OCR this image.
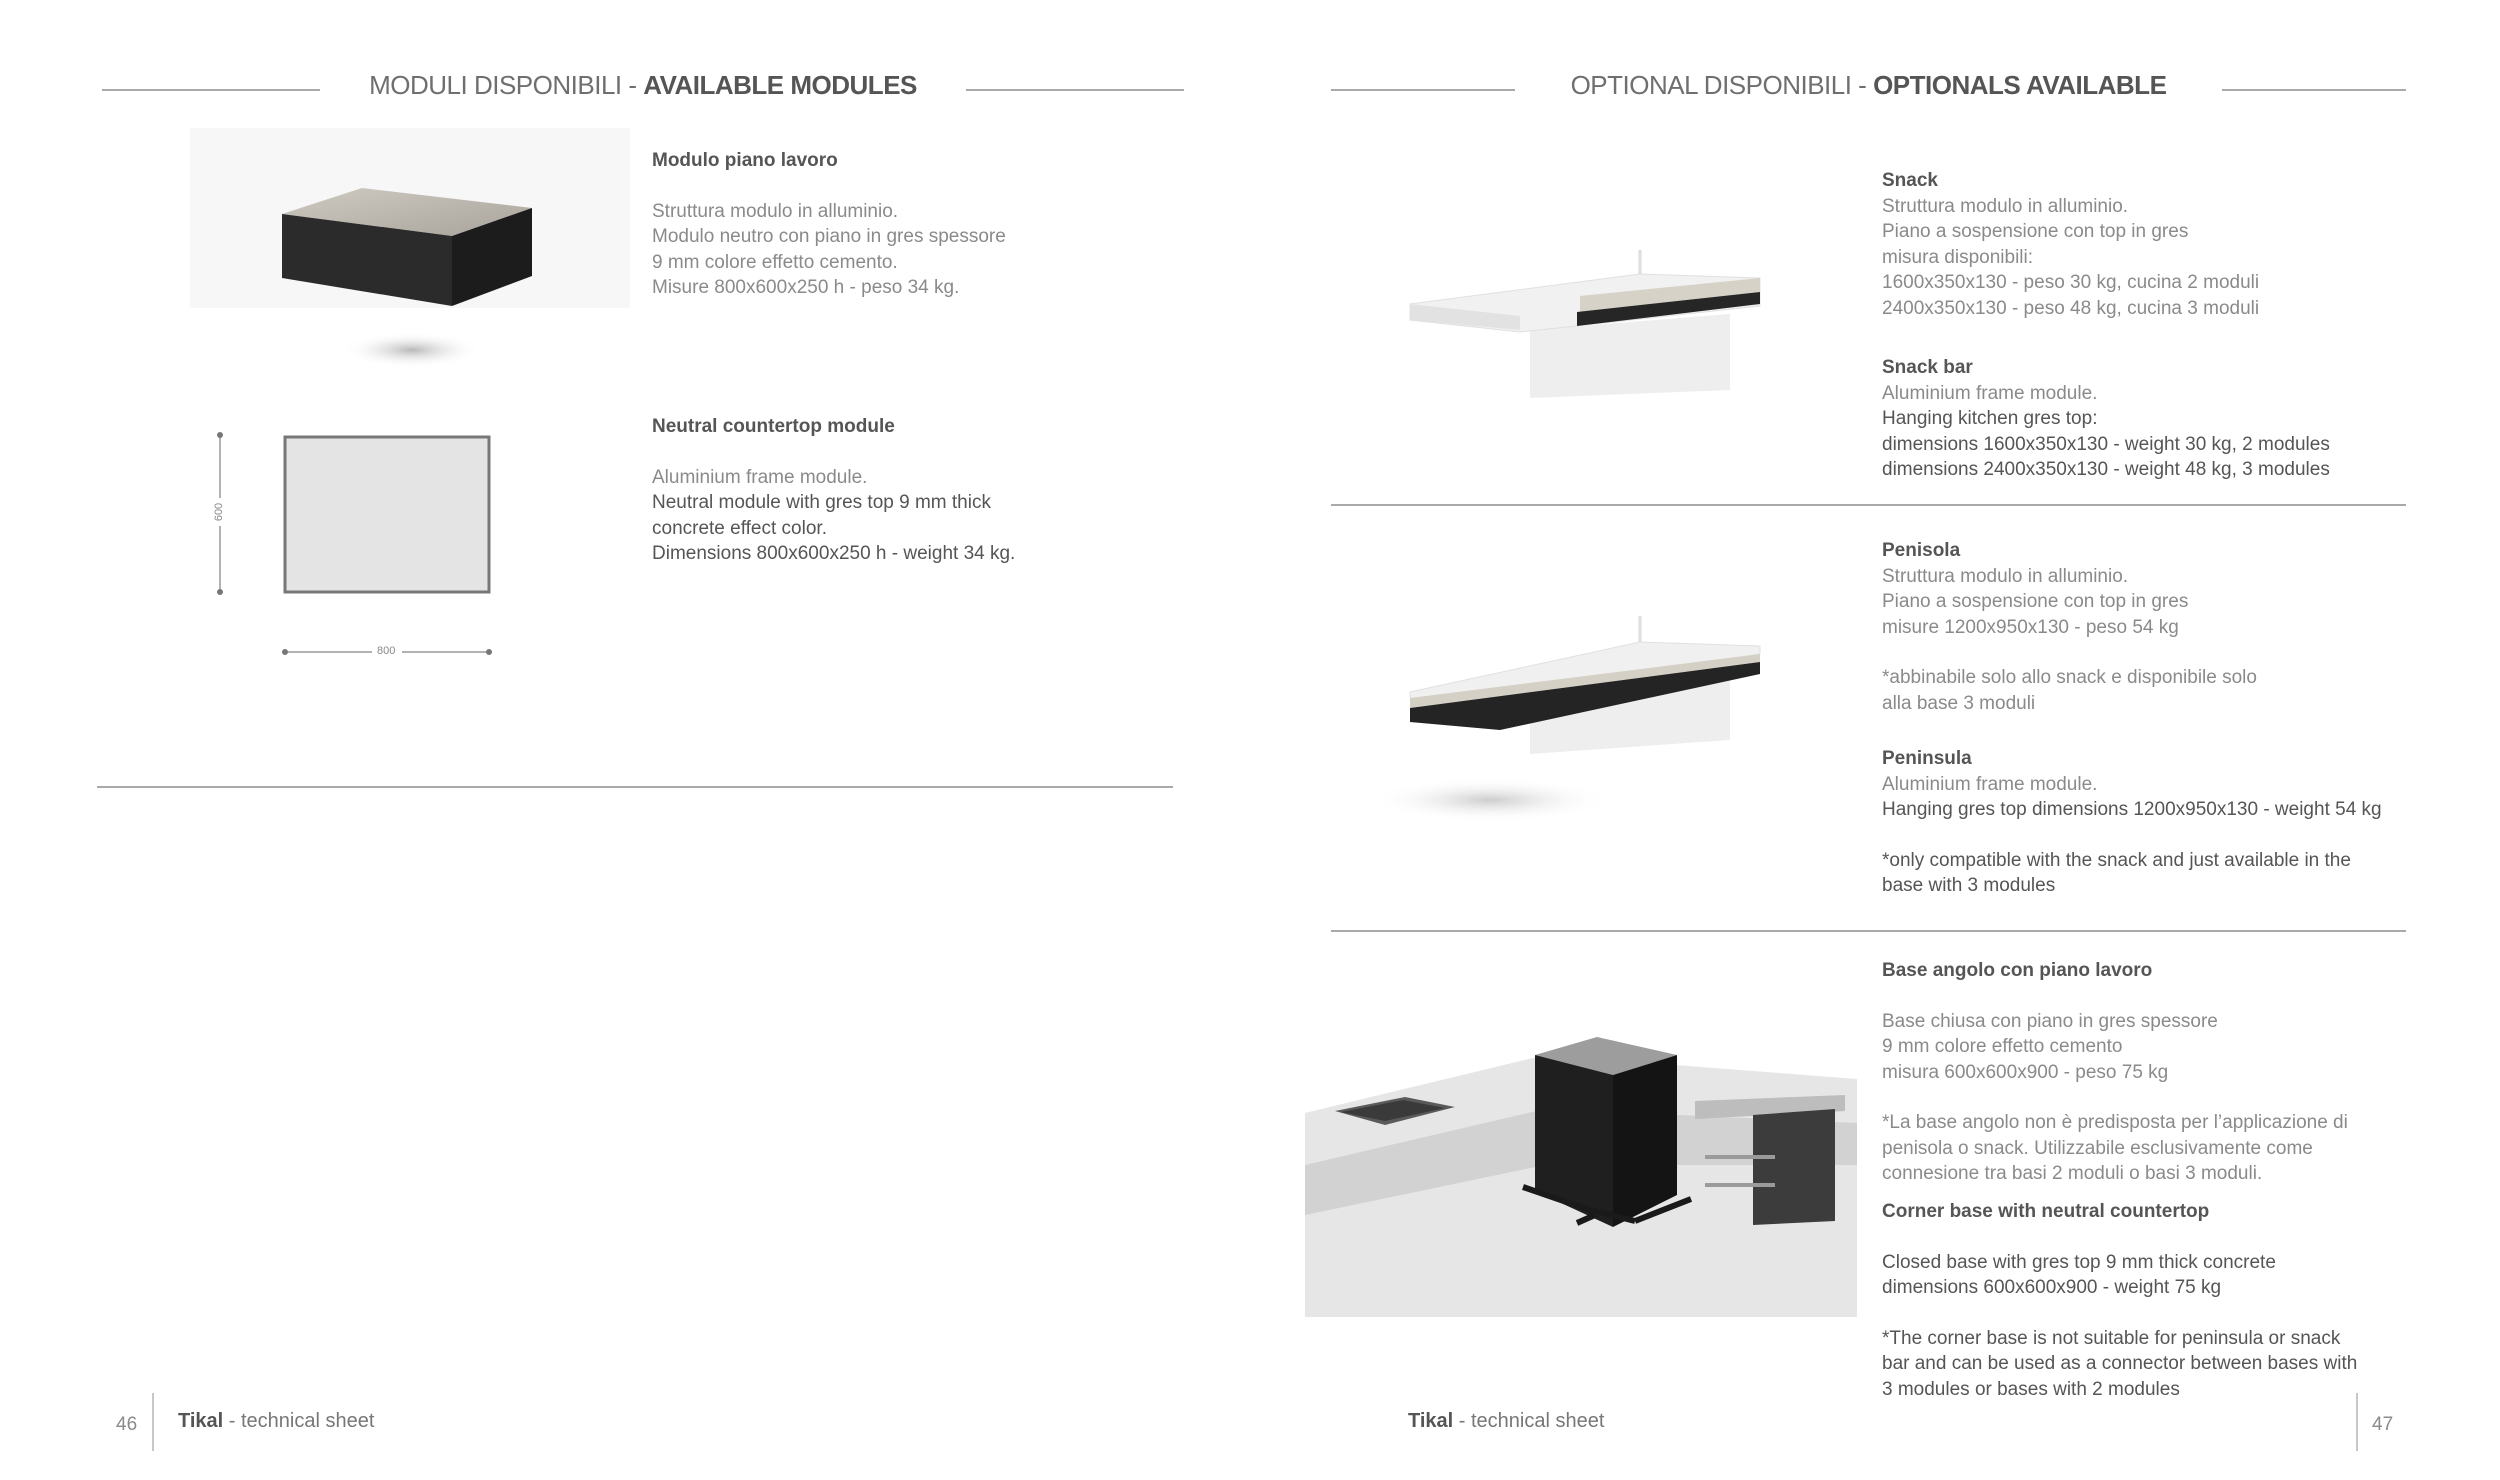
MODULI DISPONIBILI - AVAILABLE MODULES
600
800
Modulo piano lavoro
Struttura modulo in alluminio.
Modulo neutro con piano in gres spessore
9 mm colore effetto cemento.
Misure 800x600x250 h - peso 34 kg.
Neutral countertop module
Aluminium frame module.
Neutral module with gres top 9 mm thick
concrete effect color.
Dimensions 800x600x250 h - weight 34 kg.
OPTIONAL DISPONIBILI - OPTIONALS AVAILABLE
Snack
Struttura modulo in alluminio.
Piano a sospensione con top in gres
misura disponibili:
1600x350x130 - peso 30 kg, cucina 2 moduli
2400x350x130 - peso 48 kg, cucina 3 moduli
Snack bar
Aluminium frame module.
Hanging kitchen gres top:
dimensions 1600x350x130 - weight 30 kg, 2 modules
dimensions 2400x350x130 - weight 48 kg, 3 modules
Penisola
Struttura modulo in alluminio.
Piano a sospensione con top in gres
misure 1200x950x130 - peso 54 kg
*abbinabile solo allo snack e disponibile solo
alla base 3 moduli
Peninsula
Aluminium frame module.
Hanging gres top dimensions 1200x950x130 - weight 54 kg
*only compatible with the snack and just available in the
base with 3 modules
Base angolo con piano lavoro
Base chiusa con piano in gres spessore
9 mm colore effetto cemento
misura 600x600x900 - peso 75 kg
*La base angolo non è predisposta per l’applicazione di
penisola o snack. Utilizzabile esclusivamente come
connesione tra basi 2 moduli o basi 3 moduli.
Corner base with neutral countertop
Closed base with gres top 9 mm thick concrete
dimensions 600x600x900 - weight 75 kg
*The corner base is not suitable for peninsula or snack
bar and can be used as a connector between bases with
3 modules or bases with 2 modules
46 Tikal - technical sheet	Tikal - technical sheet	47
